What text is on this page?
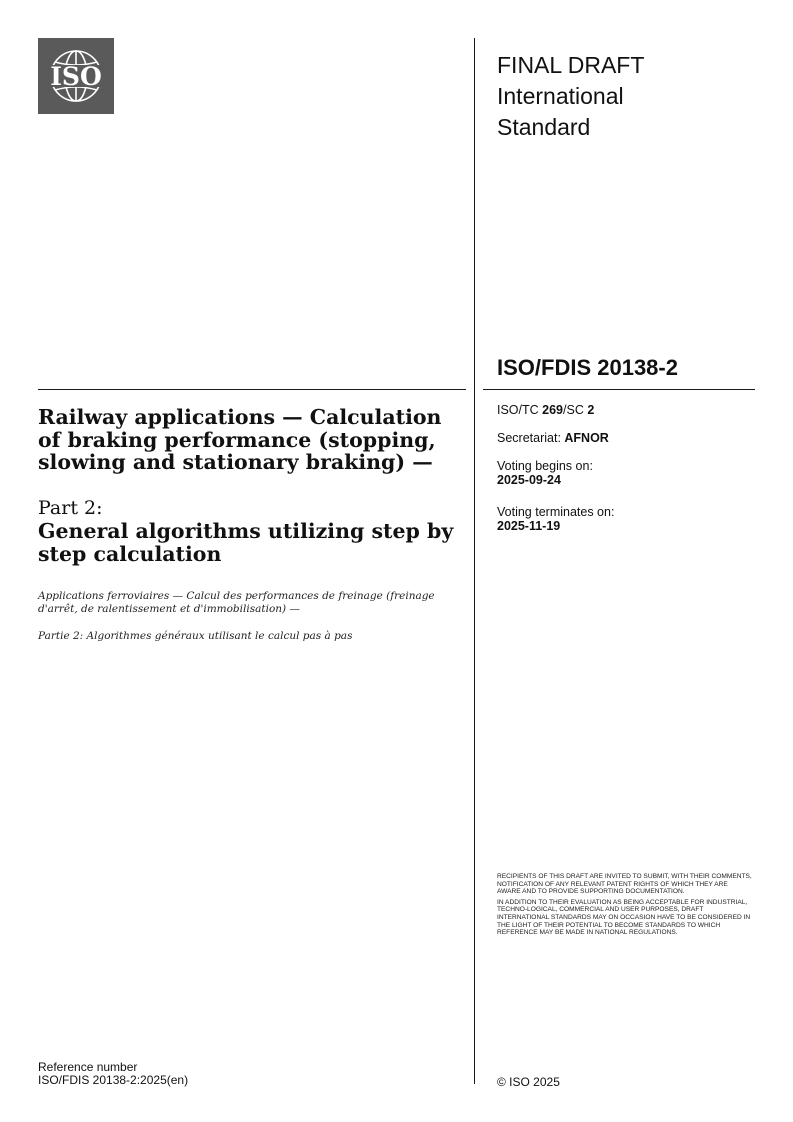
ISO	FINAL DRAFT
International
Standard
ISO/FDIS 20138-2
Railway applications — Calculation of braking performance (stopping, slowing and stationary braking) —
Part 2:
General algorithms utilizing step by step calculation
Applications ferroviaires — Calcul des performances de freinage (freinage d'arrêt, de ralentissement et d'immobilisation) —
Partie 2: Algorithmes généraux utilisant le calcul pas à pas
ISO/TC 269/SC 2
Secretariat: AFNOR
Voting begins on:
2025-09-24
Voting terminates on:
2025-11-19

RECIPIENTS OF THIS DRAFT ARE INVITED TO SUBMIT, WITH THEIR COMMENTS, NOTIFICATION OF ANY RELEVANT PATENT RIGHTS OF WHICH THEY ARE AWARE AND TO PROVIDE SUPPORTING DOCUMENTATION.

IN ADDITION TO THEIR EVALUATION AS BEING ACCEPTABLE FOR INDUSTRIAL, TECHNO-LOGICAL, COMMERCIAL AND USER PURPOSES, DRAFT INTERNATIONAL STANDARDS MAY ON OCCASION HAVE TO BE CONSIDERED IN THE LIGHT OF THEIR POTENTIAL TO BECOME STANDARDS TO WHICH REFERENCE MAY BE MADE IN NATIONAL REGULATIONS.

Reference number
ISO/FDIS 20138-2:2025(en)	© ISO 2025
